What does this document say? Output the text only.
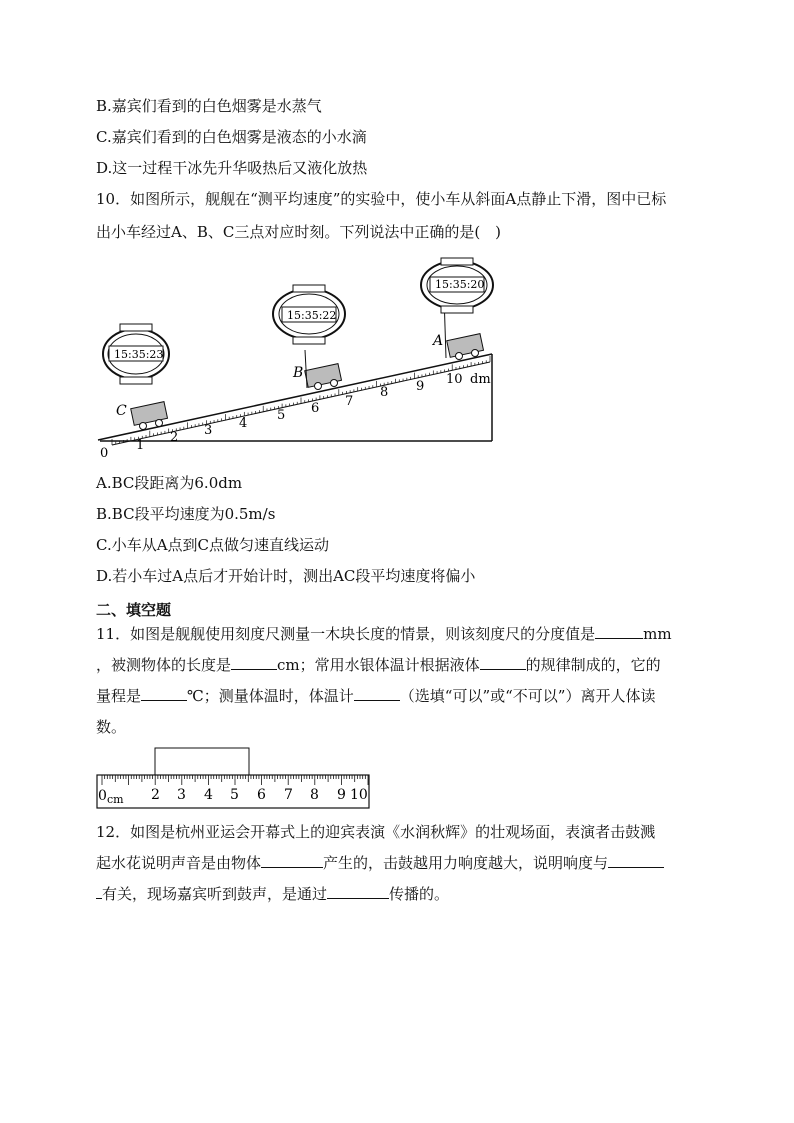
B.嘉宾们看到的白色烟雾是水蒸气
C.嘉宾们看到的白色烟雾是液态的小水滴
D.这一过程干冰先升华吸热后又液化放热
10．如图所示，舰舰在“测平均速度”的实验中，使小车从斜面A点静止下滑，图中已标
出小车经过A、B、C三点对应时刻。下列说法中正确的是(　)
0
1
2 3 4
5 6 7
8 9 10 dm
C
B
A
15:35:23
15:35:22
15:35:20
A.BC段距离为6.0dm
B.BC段平均速度为0.5m/s
C.小车从A点到C点做匀速直线运动
D.若小车过A点后才开始计时，测出AC段平均速度将偏小
二、填空题
11．如图是舰舰使用刻度尺测量一木块长度的情景，则该刻度尺的分度值是	mm
，被测物体的长度是	cm；常用水银体温计根据液体	的规律制成的，它的
量程是	℃；测量体温时，体温计	（选填“可以”或“不可以”）离开人体读
数。
0 cm 2 3 4 5 6 7 8 9 10
12．如图是杭州亚运会开幕式上的迎宾表演《水润秋辉》的壮观场面，表演者击鼓溅
起水花说明声音是由物体	产生的，击鼓越用力响度越大，说明响度与
有关，现场嘉宾听到鼓声，是通过	传播的。
